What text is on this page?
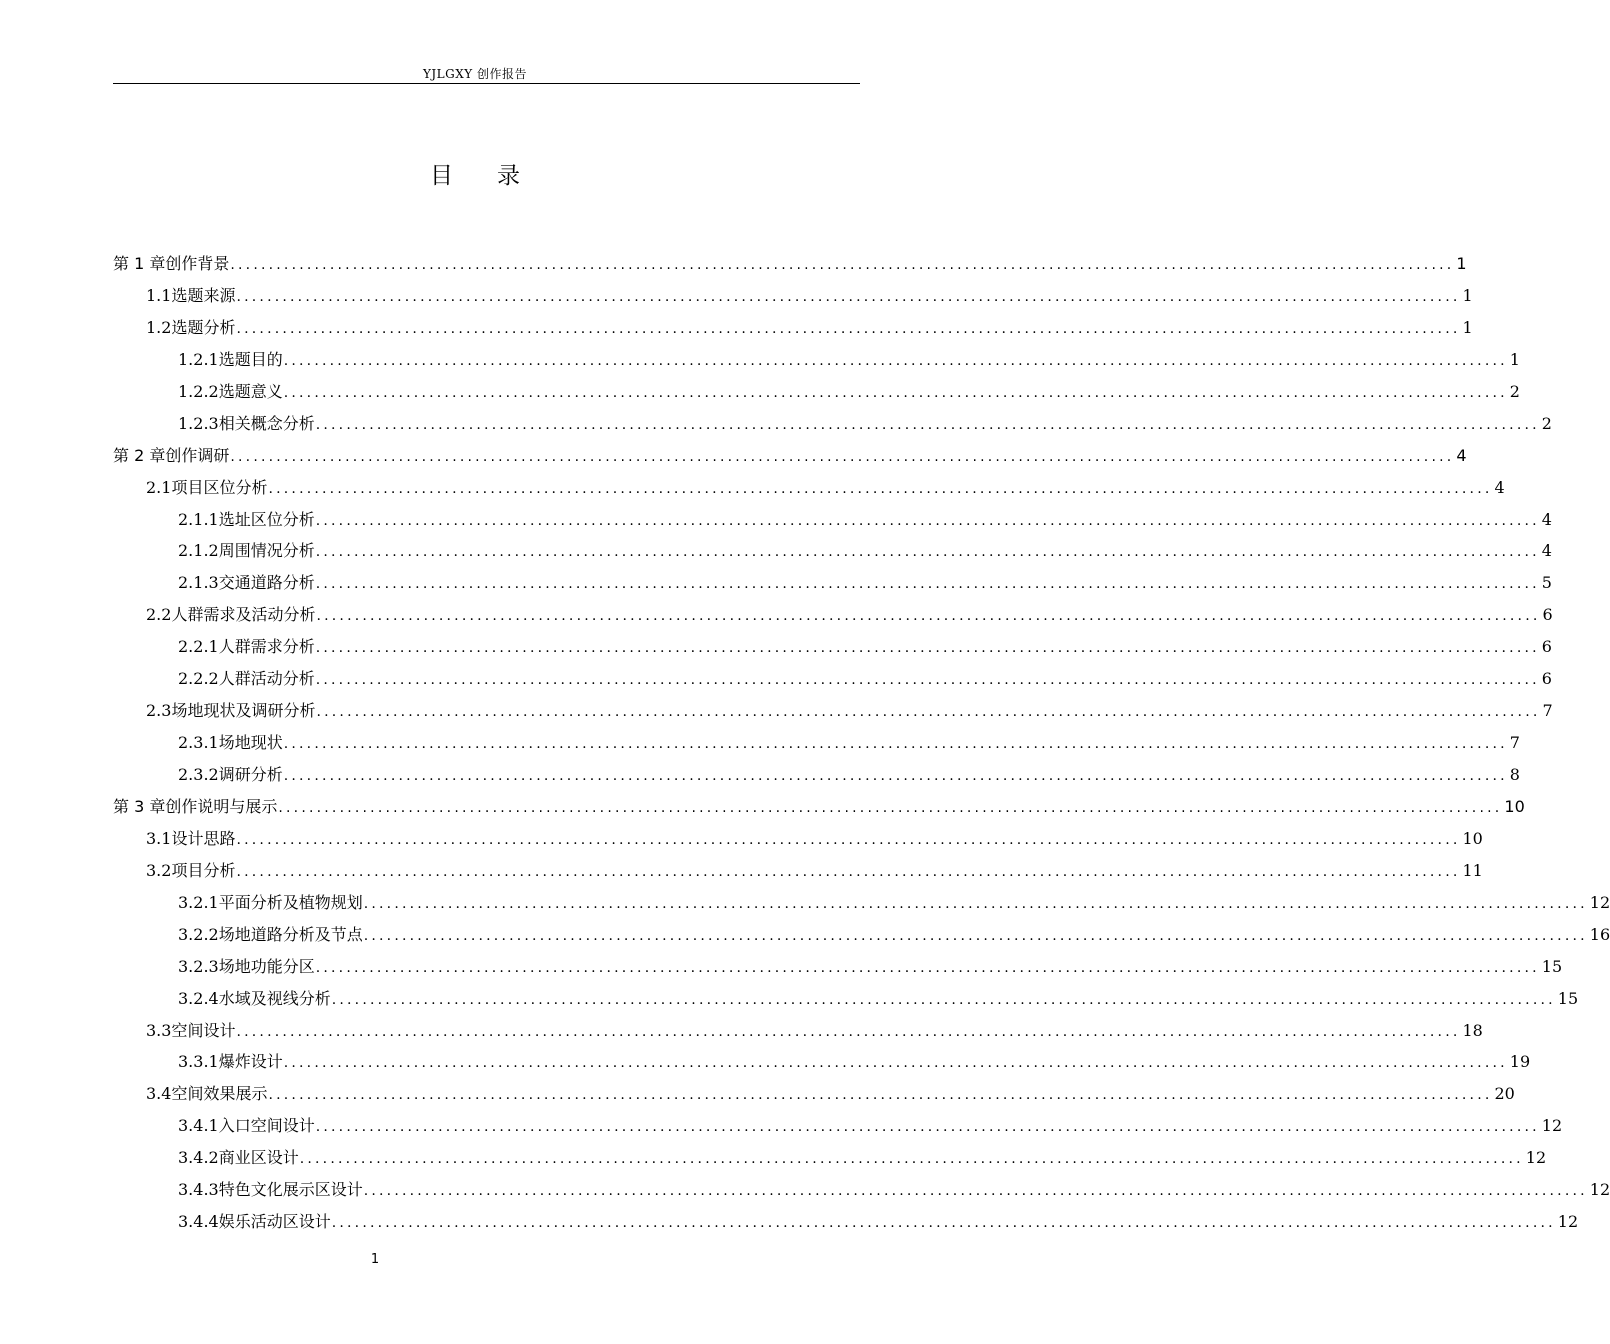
YJLGXY 创作报告
目 录
第 1 章 创作背景 ................................................................................................................................................................ 1
1.1 选题来源 ................................................................................................................................................................ 1
1.2 选题分析 ................................................................................................................................................................ 1
1.2.1 选题目的 ................................................................................................................................................................ 1
1.2.2 选题意义 ................................................................................................................................................................ 2
1.2.3 相关概念分析 ................................................................................................................................................................ 2
第 2 章 创作调研 ................................................................................................................................................................ 4
2.1 项目区位分析 ................................................................................................................................................................ 4
2.1.1 选址区位分析 ................................................................................................................................................................ 4
2.1.2 周围情况分析 ................................................................................................................................................................ 4
2.1.3 交通道路分析 ................................................................................................................................................................ 5
2.2 人群需求及活动分析 ................................................................................................................................................................ 6
2.2.1 人群需求分析 ................................................................................................................................................................ 6
2.2.2 人群活动分析 ................................................................................................................................................................ 6
2.3 场地现状及调研分析 ................................................................................................................................................................ 7
2.3.1 场地现状 ................................................................................................................................................................ 7
2.3.2 调研分析 ................................................................................................................................................................ 8
第 3 章 创作说明与展示 ................................................................................................................................................................ 10
3.1 设计思路 ................................................................................................................................................................ 10
3.2 项目分析 ................................................................................................................................................................ 11
3.2.1 平面分析及植物规划 ................................................................................................................................................................ 12
3.2.2 场地道路分析及节点 ................................................................................................................................................................ 16
3.2.3 场地功能分区 ................................................................................................................................................................ 15
3.2.4 水域及视线分析 ................................................................................................................................................................ 15
3.3 空间设计 ................................................................................................................................................................ 18
3.3.1 爆炸设计 ................................................................................................................................................................ 19
3.4 空间效果展示 ................................................................................................................................................................ 20
3.4.1 入口空间设计 ................................................................................................................................................................ 12
3.4.2 商业区设计 ................................................................................................................................................................ 12
3.4.3 特色文化展示区设计 ................................................................................................................................................................ 12
3.4.4 娱乐活动区设计 ................................................................................................................................................................ 12
1
